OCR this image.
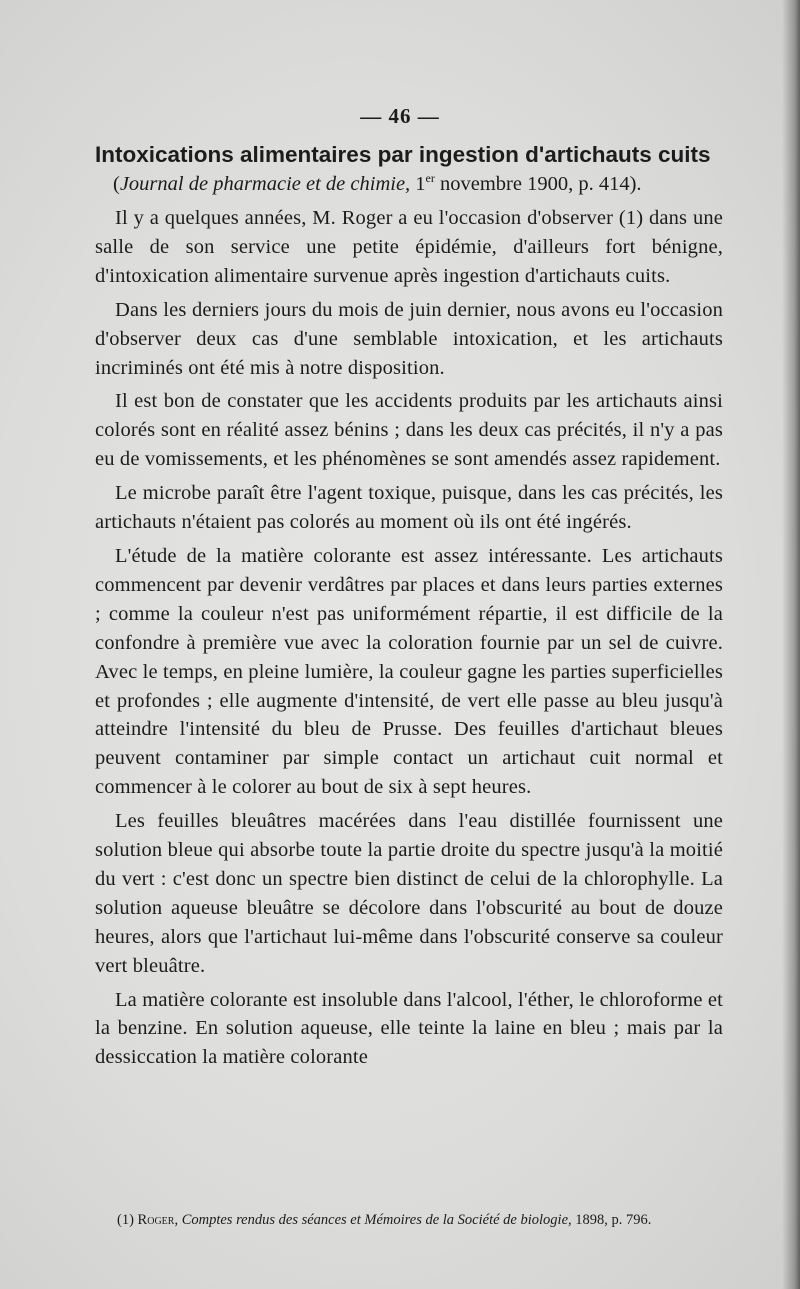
— 46 —
Intoxications alimentaires par ingestion d'artichauts cuits

(Journal de pharmacie et de chimie, 1er novembre 1900, p. 414).

Il y a quelques années, M. Roger a eu l'occasion d'observer (1) dans une salle de son service une petite épidémie, d'ailleurs fort bénigne, d'intoxication alimentaire survenue après ingestion d'artichauts cuits.

Dans les derniers jours du mois de juin dernier, nous avons eu l'occasion d'observer deux cas d'une semblable intoxication, et les artichauts incriminés ont été mis à notre disposition.

Il est bon de constater que les accidents produits par les artichauts ainsi colorés sont en réalité assez bénins ; dans les deux cas précités, il n'y a pas eu de vomissements, et les phénomènes se sont amendés assez rapidement.

Le microbe paraît être l'agent toxique, puisque, dans les cas précités, les artichauts n'étaient pas colorés au moment où ils ont été ingérés.

L'étude de la matière colorante est assez intéressante. Les artichauts commencent par devenir verdâtres par places et dans leurs parties externes ; comme la couleur n'est pas uniformément répartie, il est difficile de la confondre à première vue avec la coloration fournie par un sel de cuivre. Avec le temps, en pleine lumière, la couleur gagne les parties superficielles et profondes ; elle augmente d'intensité, de vert elle passe au bleu jusqu'à atteindre l'intensité du bleu de Prusse. Des feuilles d'artichaut bleues peuvent contaminer par simple contact un artichaut cuit normal et commencer à le colorer au bout de six à sept heures.

Les feuilles bleuâtres macérées dans l'eau distillée fournissent une solution bleue qui absorbe toute la partie droite du spectre jusqu'à la moitié du vert : c'est donc un spectre bien distinct de celui de la chlorophylle. La solution aqueuse bleuâtre se décolore dans l'obscurité au bout de douze heures, alors que l'artichaut lui-même dans l'obscurité conserve sa couleur vert bleuâtre.

La matière colorante est insoluble dans l'alcool, l'éther, le chloroforme et la benzine. En solution aqueuse, elle teinte la laine en bleu ; mais par la dessiccation la matière colorante

(1) Roger, Comptes rendus des séances et Mémoires de la Société de biologie, 1898, p. 796.
